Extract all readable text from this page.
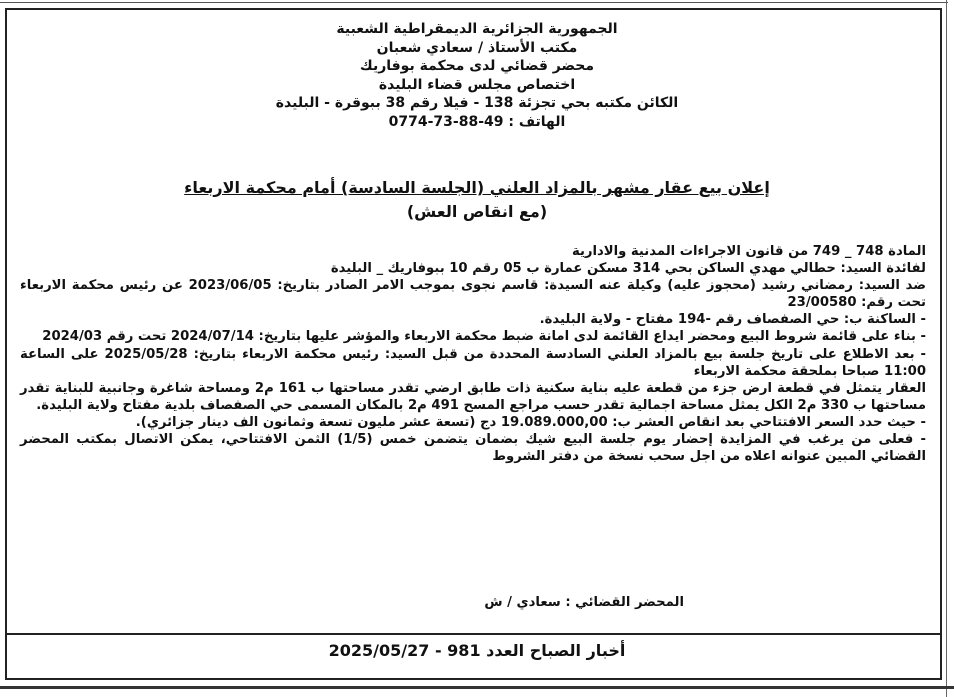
الجمهورية الجزائرية الديمقراطية الشعبية
مكتب الأستاذ / سعادي شعبان
محضر قضائي لدى محكمة بوفاريك
اختصاص مجلس قضاء البليدة
الكائن مكتبه بحي تجزئة 138 - فيلا رقم 38 ببوقرة - البليدة
الهاتف : 0774-73-88-49
إعلان بيع عقار مشهر بالمزاد العلني (الجلسة السادسة) أمام محكمة الاربعاء
(مع انقاص العش)

المادة 748 _ 749 من قانون الاجراءات المدنية والادارية

لفائدة السيد: حطالي مهدي الساكن بحي 314 مسكن عمارة ب 05 رقم 10 ببوفاريك _ البليدة

ضد السيد: رمضاني رشيد (محجوز عليه) وكيلة عنه السيدة: قاسم نجوى بموجب الامر الصادر بتاريخ: 2023/06/05 عن رئيس محكمة الاربعاء تحت رقم: 23/00580

- الساكنة ب: حي الصفصاف رقم -194 مفتاح - ولاية البليدة.

- بناء على قائمة شروط البيع ومحضر ايداع القائمة لدى امانة ضبط محكمة الاربعاء والمؤشر عليها بتاريخ: 2024/07/14 تحت رقم 2024/03

- بعد الاطلاع على تاريخ جلسة بيع بالمزاد العلني السادسة المحددة من قبل السيد: رئيس محكمة الاربعاء بتاريخ: 2025/05/28 على الساعة 11:00 صباحا بملحقة محكمة الاربعاء

العقار يتمثل في قطعة ارض جزء من قطعة عليه بناية سكنية ذات طابق ارضي تقدر مساحتها ب 161 م2 ومساحة شاغرة وجانبية للبناية تقدر مساحتها ب 330 م2 الكل يمثل مساحة اجمالية تقدر حسب مراجع المسح 491 م2 بالمكان المسمى حي الصفصاف بلدية مفتاح ولاية البليدة.

- حيث حدد السعر الافتتاحي بعد انقاص العشر ب: 19.089.000,00 دج (تسعة عشر مليون تسعة وثمانون الف دينار جزائري).

- فعلى من يرغب في المزايدة إحضار يوم جلسة البيع شيك بضمان يتضمن خمس (1/5) الثمن الافتتاحي، يمكن الاتصال بمكتب المحضر القضائي المبين عنوانه اعلاه من اجل سحب نسخة من دفتر الشروط

المحضر القضائي : سعادي / ش
أخبار الصباح العدد 981 - 2025/05/27
